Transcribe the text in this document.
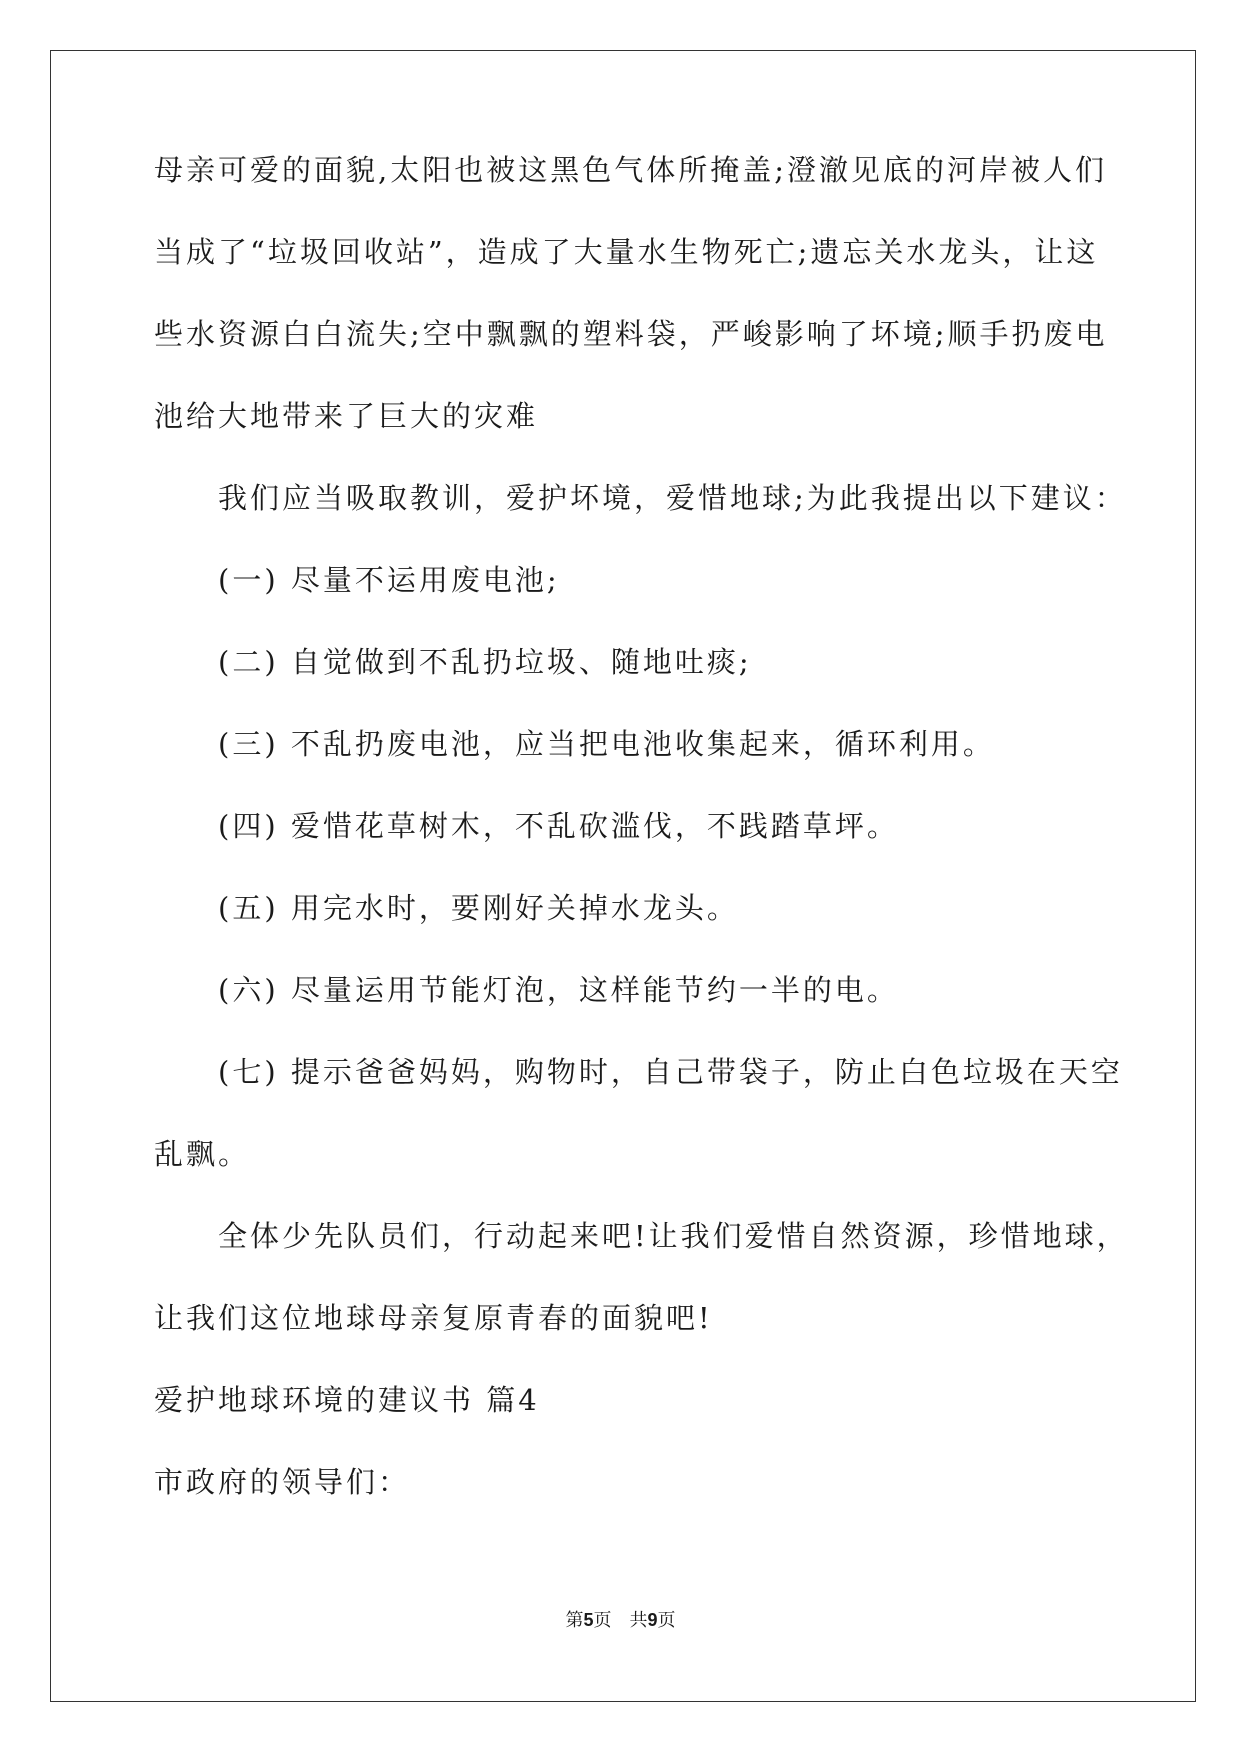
母亲可爱的面貌,太阳也被这黑色气体所掩盖;澄澈见底的河岸被人们
当成了“垃圾回收站”，造成了大量水生物死亡;遗忘关水龙头，让这
些水资源白白流失;空中飘飘的塑料袋，严峻影响了坏境;顺手扔废电
池给大地带来了巨大的灾难
我们应当吸取教训，爱护坏境，爱惜地球;为此我提出以下建议：
(一) 尽量不运用废电池;
(二) 自觉做到不乱扔垃圾、随地吐痰;
(三) 不乱扔废电池，应当把电池收集起来，循环利用。
(四) 爱惜花草树木，不乱砍滥伐，不践踏草坪。
(五) 用完水时，要刚好关掉水龙头。
(六) 尽量运用节能灯泡，这样能节约一半的电。
(七) 提示爸爸妈妈，购物时，自己带袋子，防止白色垃圾在天空
乱飘。
全体少先队员们，行动起来吧!让我们爱惜自然资源，珍惜地球，
让我们这位地球母亲复原青春的面貌吧!
爱护地球环境的建议书 篇4
市政府的领导们：
第5页　共9页
